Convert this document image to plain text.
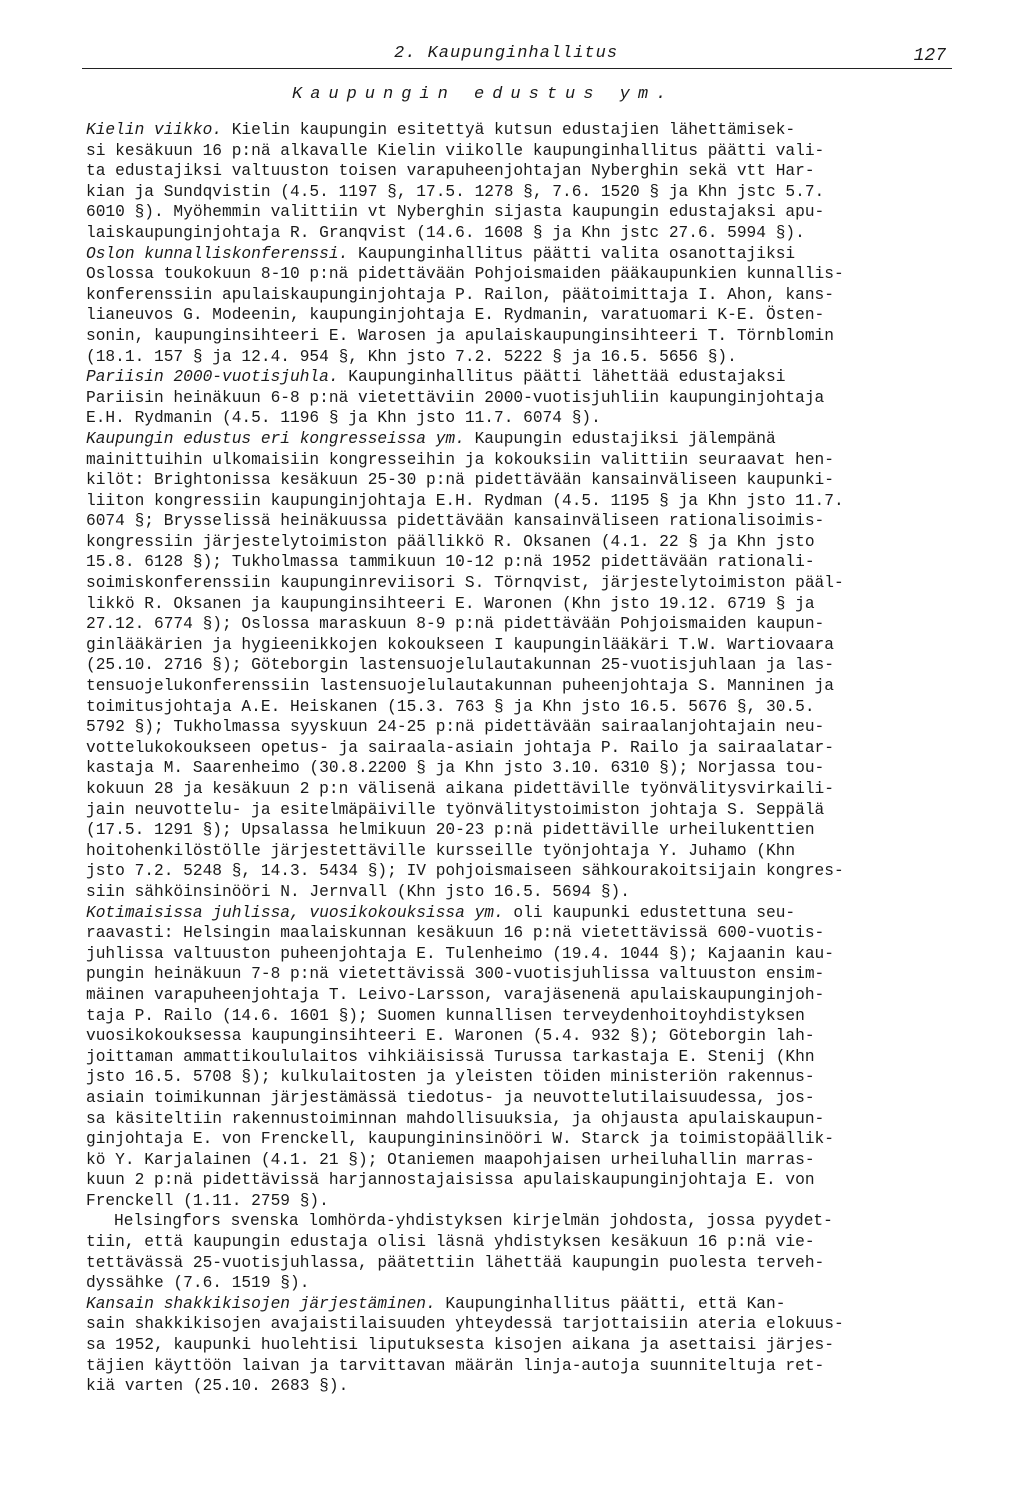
2. Kaupunginhallitus	127
Kaupungin edustus ym.
Kielin viikko. Kielin kaupungin esitettyä kutsun edustajien lähettämisek-
si kesäkuun 16 p:nä alkavalle Kielin viikolle kaupunginhallitus päätti vali-
ta edustajiksi valtuuston toisen varapuheenjohtajan Nyberghin sekä vtt Har-
kian ja Sundqvistin (4.5. 1197 §, 17.5. 1278 §, 7.6. 1520 § ja Khn jstc 5.7.
6010 §). Myöhemmin valittiin vt Nyberghin sijasta kaupungin edustajaksi apu-
laiskaupunginjohtaja R. Granqvist (14.6. 1608 § ja Khn jstc 27.6. 5994 §).
Oslon kunnalliskonferenssi. Kaupunginhallitus päätti valita osanottajiksi
Oslossa toukokuun 8-10 p:nä pidettävään Pohjoismaiden pääkaupunkien kunnallis-
konferenssiin apulaiskaupunginjohtaja P. Railon, päätoimittaja I. Ahon, kans-
lianeuvos G. Modeenin, kaupunginjohtaja E. Rydmanin, varatuomari K-E. Östen-
sonin, kaupunginsihteeri E. Warosen ja apulaiskaupunginsihteeri T. Törnblomin
(18.1. 157 § ja 12.4. 954 §, Khn jsto 7.2. 5222 § ja 16.5. 5656 §).
Pariisin 2000-vuotisjuhla. Kaupunginhallitus päätti lähettää edustajaksi
Pariisin heinäkuun 6-8 p:nä vietettäviin 2000-vuotisjuhliin kaupunginjohtaja
E.H. Rydmanin (4.5. 1196 § ja Khn jsto 11.7. 6074 §).
Kaupungin edustus eri kongresseissa ym. Kaupungin edustajiksi jälempänä
mainittuihin ulkomaisiin kongresseihin ja kokouksiin valittiin seuraavat hen-
kilöt: Brightonissa kesäkuun 25-30 p:nä pidettävään kansainväliseen kaupunki-
liiton kongressiin kaupunginjohtaja E.H. Rydman (4.5. 1195 § ja Khn jsto 11.7.
6074 §; Brysselissä heinäkuussa pidettävään kansainväliseen rationalisoimis-
kongressiin järjestelytoimiston päällikkö R. Oksanen (4.1. 22 § ja Khn jsto
15.8. 6128 §); Tukholmassa tammikuun 10-12 p:nä 1952 pidettävään rationali-
soimiskonferenssiin kaupunginreviisori S. Törnqvist, järjestelytoimiston pääl-
likkö R. Oksanen ja kaupunginsihteeri E. Waronen (Khn jsto 19.12. 6719 § ja
27.12. 6774 §); Oslossa maraskuun 8-9 p:nä pidettävään Pohjoismaiden kaupun-
ginlääkärien ja hygieenikkojen kokoukseen I kaupunginlääkäri T.W. Wartiovaara
(25.10. 2716 §); Göteborgin lastensuojelulautakunnan 25-vuotisjuhlaan ja las-
tensuojelukonferenssiin lastensuojelulautakunnan puheenjohtaja S. Manninen ja
toimitusjohtaja A.E. Heiskanen (15.3. 763 § ja Khn jsto 16.5. 5676 §, 30.5.
5792 §); Tukholmassa syyskuun 24-25 p:nä pidettävään sairaalanjohtajain neu-
vottelukokoukseen opetus- ja sairaala-asiain johtaja P. Railo ja sairaalatar-
kastaja M. Saarenheimo (30.8.2200 § ja Khn jsto 3.10. 6310 §); Norjassa tou-
kokuun 28 ja kesäkuun 2 p:n välisenä aikana pidettäville työnvälitysvirkaili-
jain neuvottelu- ja esitelmäpäiville työnvälitystoimiston johtaja S. Seppälä
(17.5. 1291 §); Upsalassa helmikuun 20-23 p:nä pidettäville urheilukenttien
hoitohenkilöstölle järjestettäville kursseille työnjohtaja Y. Juhamo (Khn
jsto 7.2. 5248 §, 14.3. 5434 §); IV pohjoismaiseen sähkourakoitsijain kongres-
siin sähköinsinööri N. Jernvall (Khn jsto 16.5. 5694 §).
Kotimaisissa juhlissa, vuosikokouksissa ym. oli kaupunki edustettuna seu-
raavasti: Helsingin maalaiskunnan kesäkuun 16 p:nä vietettävissä 600-vuotis-
juhlissa valtuuston puheenjohtaja E. Tulenheimo (19.4. 1044 §); Kajaanin kau-
pungin heinäkuun 7-8 p:nä vietettävissä 300-vuotisjuhlissa valtuuston ensim-
mäinen varapuheenjohtaja T. Leivo-Larsson, varajäsenenä apulaiskaupunginjoh-
taja P. Railo (14.6. 1601 §); Suomen kunnallisen terveydenhoitoyhdistyksen
vuosikokouksessa kaupunginsihteeri E. Waronen (5.4. 932 §); Göteborgin lah-
joittaman ammattikoululaitos vihkiäisissä Turussa tarkastaja E. Stenij (Khn
jsto 16.5. 5708 §); kulkulaitosten ja yleisten töiden ministeriön rakennus-
asiain toimikunnan järjestämässä tiedotus- ja neuvottelutilaisuudessa, jos-
sa käsiteltiin rakennustoiminnan mahdollisuuksia, ja ohjausta apulaiskaupun-
ginjohtaja E. von Frenckell, kaupungininsinööri W. Starck ja toimistopäällik-
kö Y. Karjalainen (4.1. 21 §); Otaniemen maapohjaisen urheiluhallin marras-
kuun 2 p:nä pidettävissä harjannostajaisissa apulaiskaupunginjohtaja E. von
Frenckell (1.11. 2759 §).
Helsingfors svenska lomhörda-yhdistyksen kirjelmän johdosta, jossa pyydet-
tiin, että kaupungin edustaja olisi läsnä yhdistyksen kesäkuun 16 p:nä vie-
tettävässä 25-vuotisjuhlassa, päätettiin lähettää kaupungin puolesta terveh-
dyssähke (7.6. 1519 §).
Kansain shakkikisojen järjestäminen. Kaupunginhallitus päätti, että Kan-
sain shakkikisojen avajaistilaisuuden yhteydessä tarjottaisiin ateria elokuus-
sa 1952, kaupunki huolehtisi liputuksesta kisojen aikana ja asettaisi järjes-
täjien käyttöön laivan ja tarvittavan määrän linja-autoja suunniteltuja ret-
kiä varten (25.10. 2683 §).
